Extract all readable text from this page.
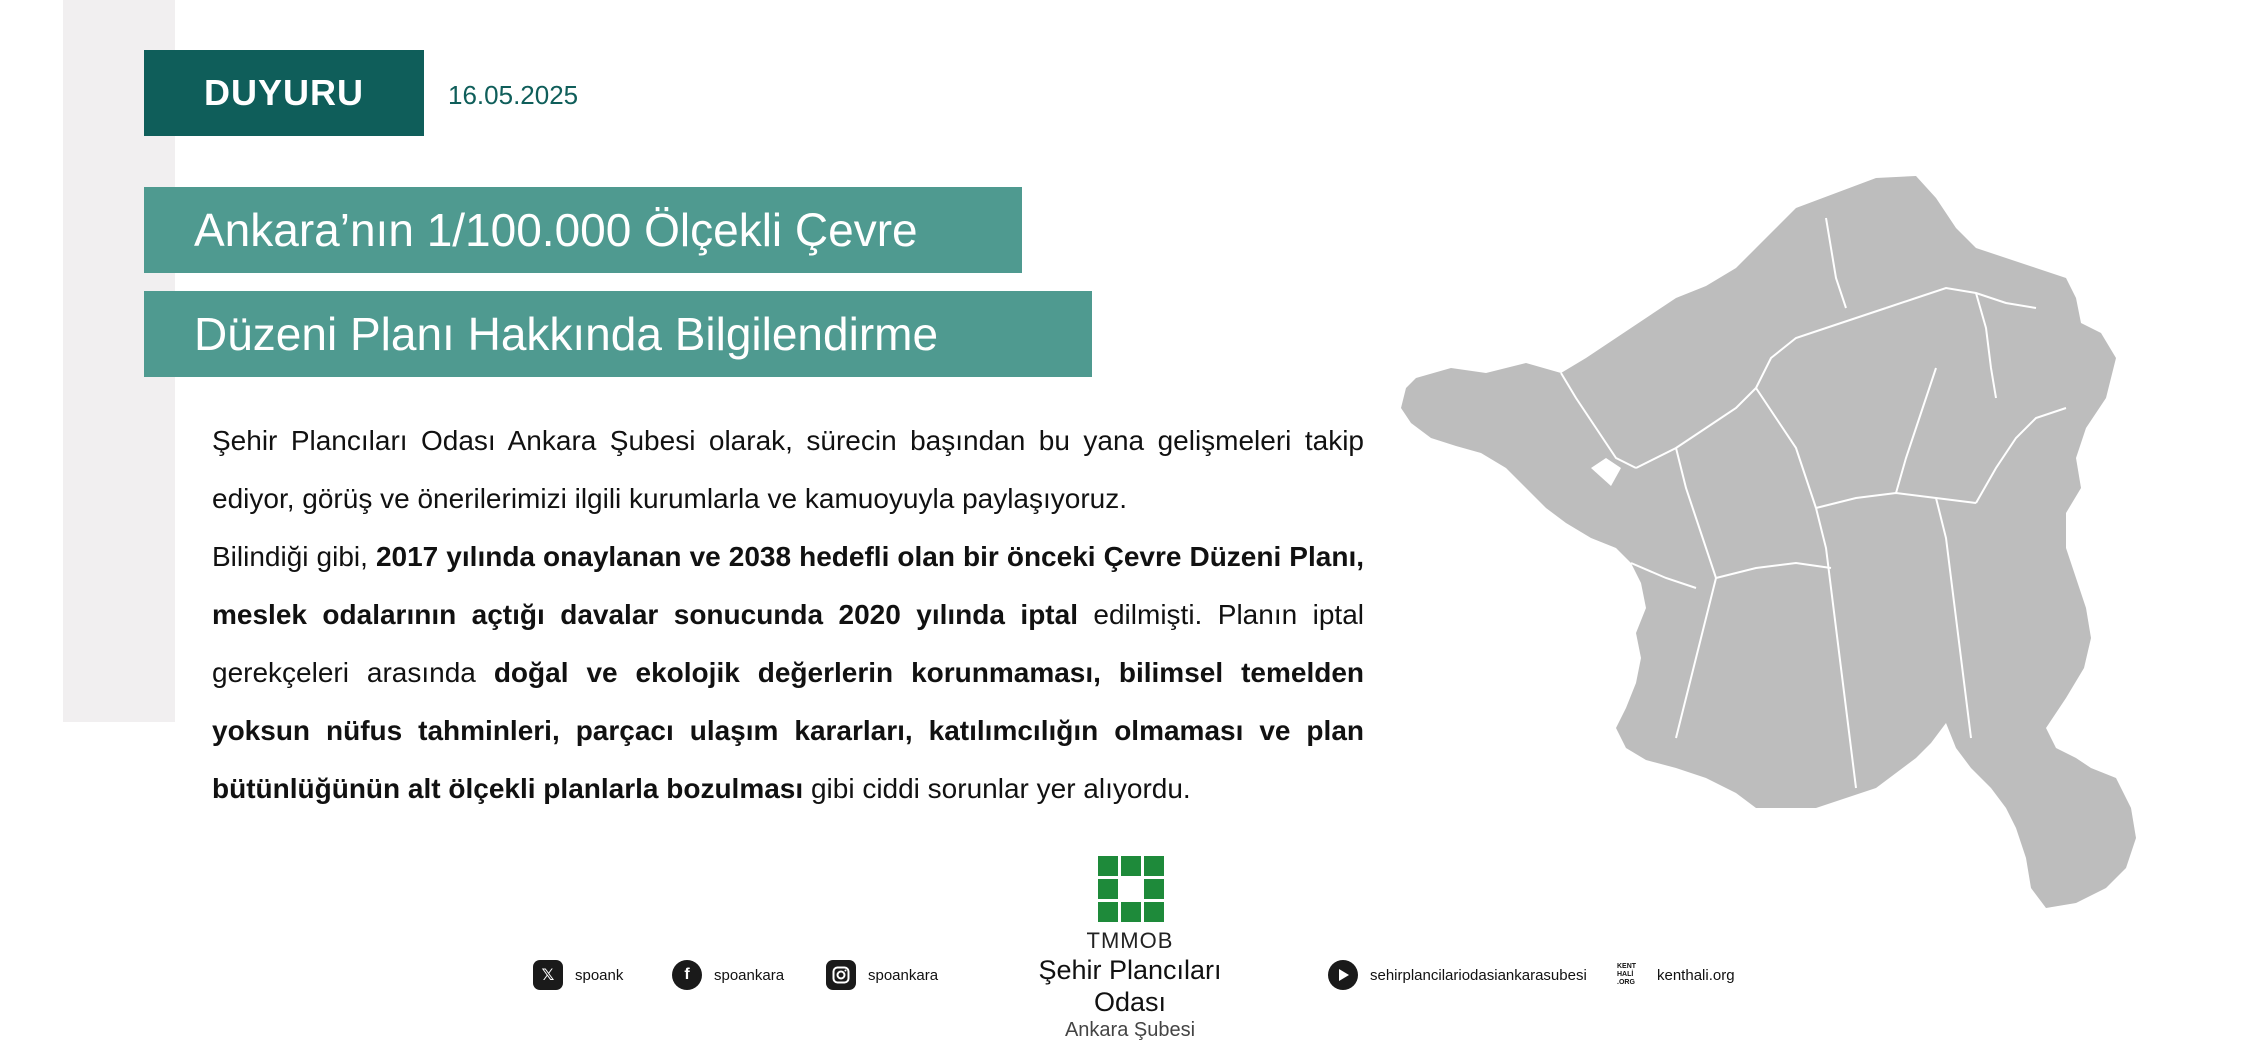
DUYURU	16.05.2025
Ankara’nın 1/100.000 Ölçekli Çevre
Düzeni Planı Hakkında Bilgilendirme

Şehir Plancıları Odası Ankara Şubesi olarak, sürecin başından bu yana gelişmeleri takip ediyor, görüş ve önerilerimizi ilgili kurumlarla ve kamuoyuyla paylaşıyoruz.

Bilindiği gibi, 2017 yılında onaylanan ve 2038 hedefli olan bir önceki Çevre Düzeni Planı, meslek odalarının açtığı davalar sonucunda 2020 yılında iptal edilmişti. Planın iptal gerekçeleri arasında doğal ve ekolojik değerlerin korunmaması, bilimsel temelden yoksun nüfus tahminleri, parçacı ulaşım kararları, katılımcılığın olmaması ve plan bütünlüğünün alt ölçekli planlarla bozulması gibi ciddi sorunlar yer alıyordu.

TMMOB
Şehir Plancıları Odası
Ankara Şubesi
𝕏	spoank	f	spoankara	spoankara	sehirplancilariodasiankarasubesi	KENT HALİ .ORG	kenthali.org
